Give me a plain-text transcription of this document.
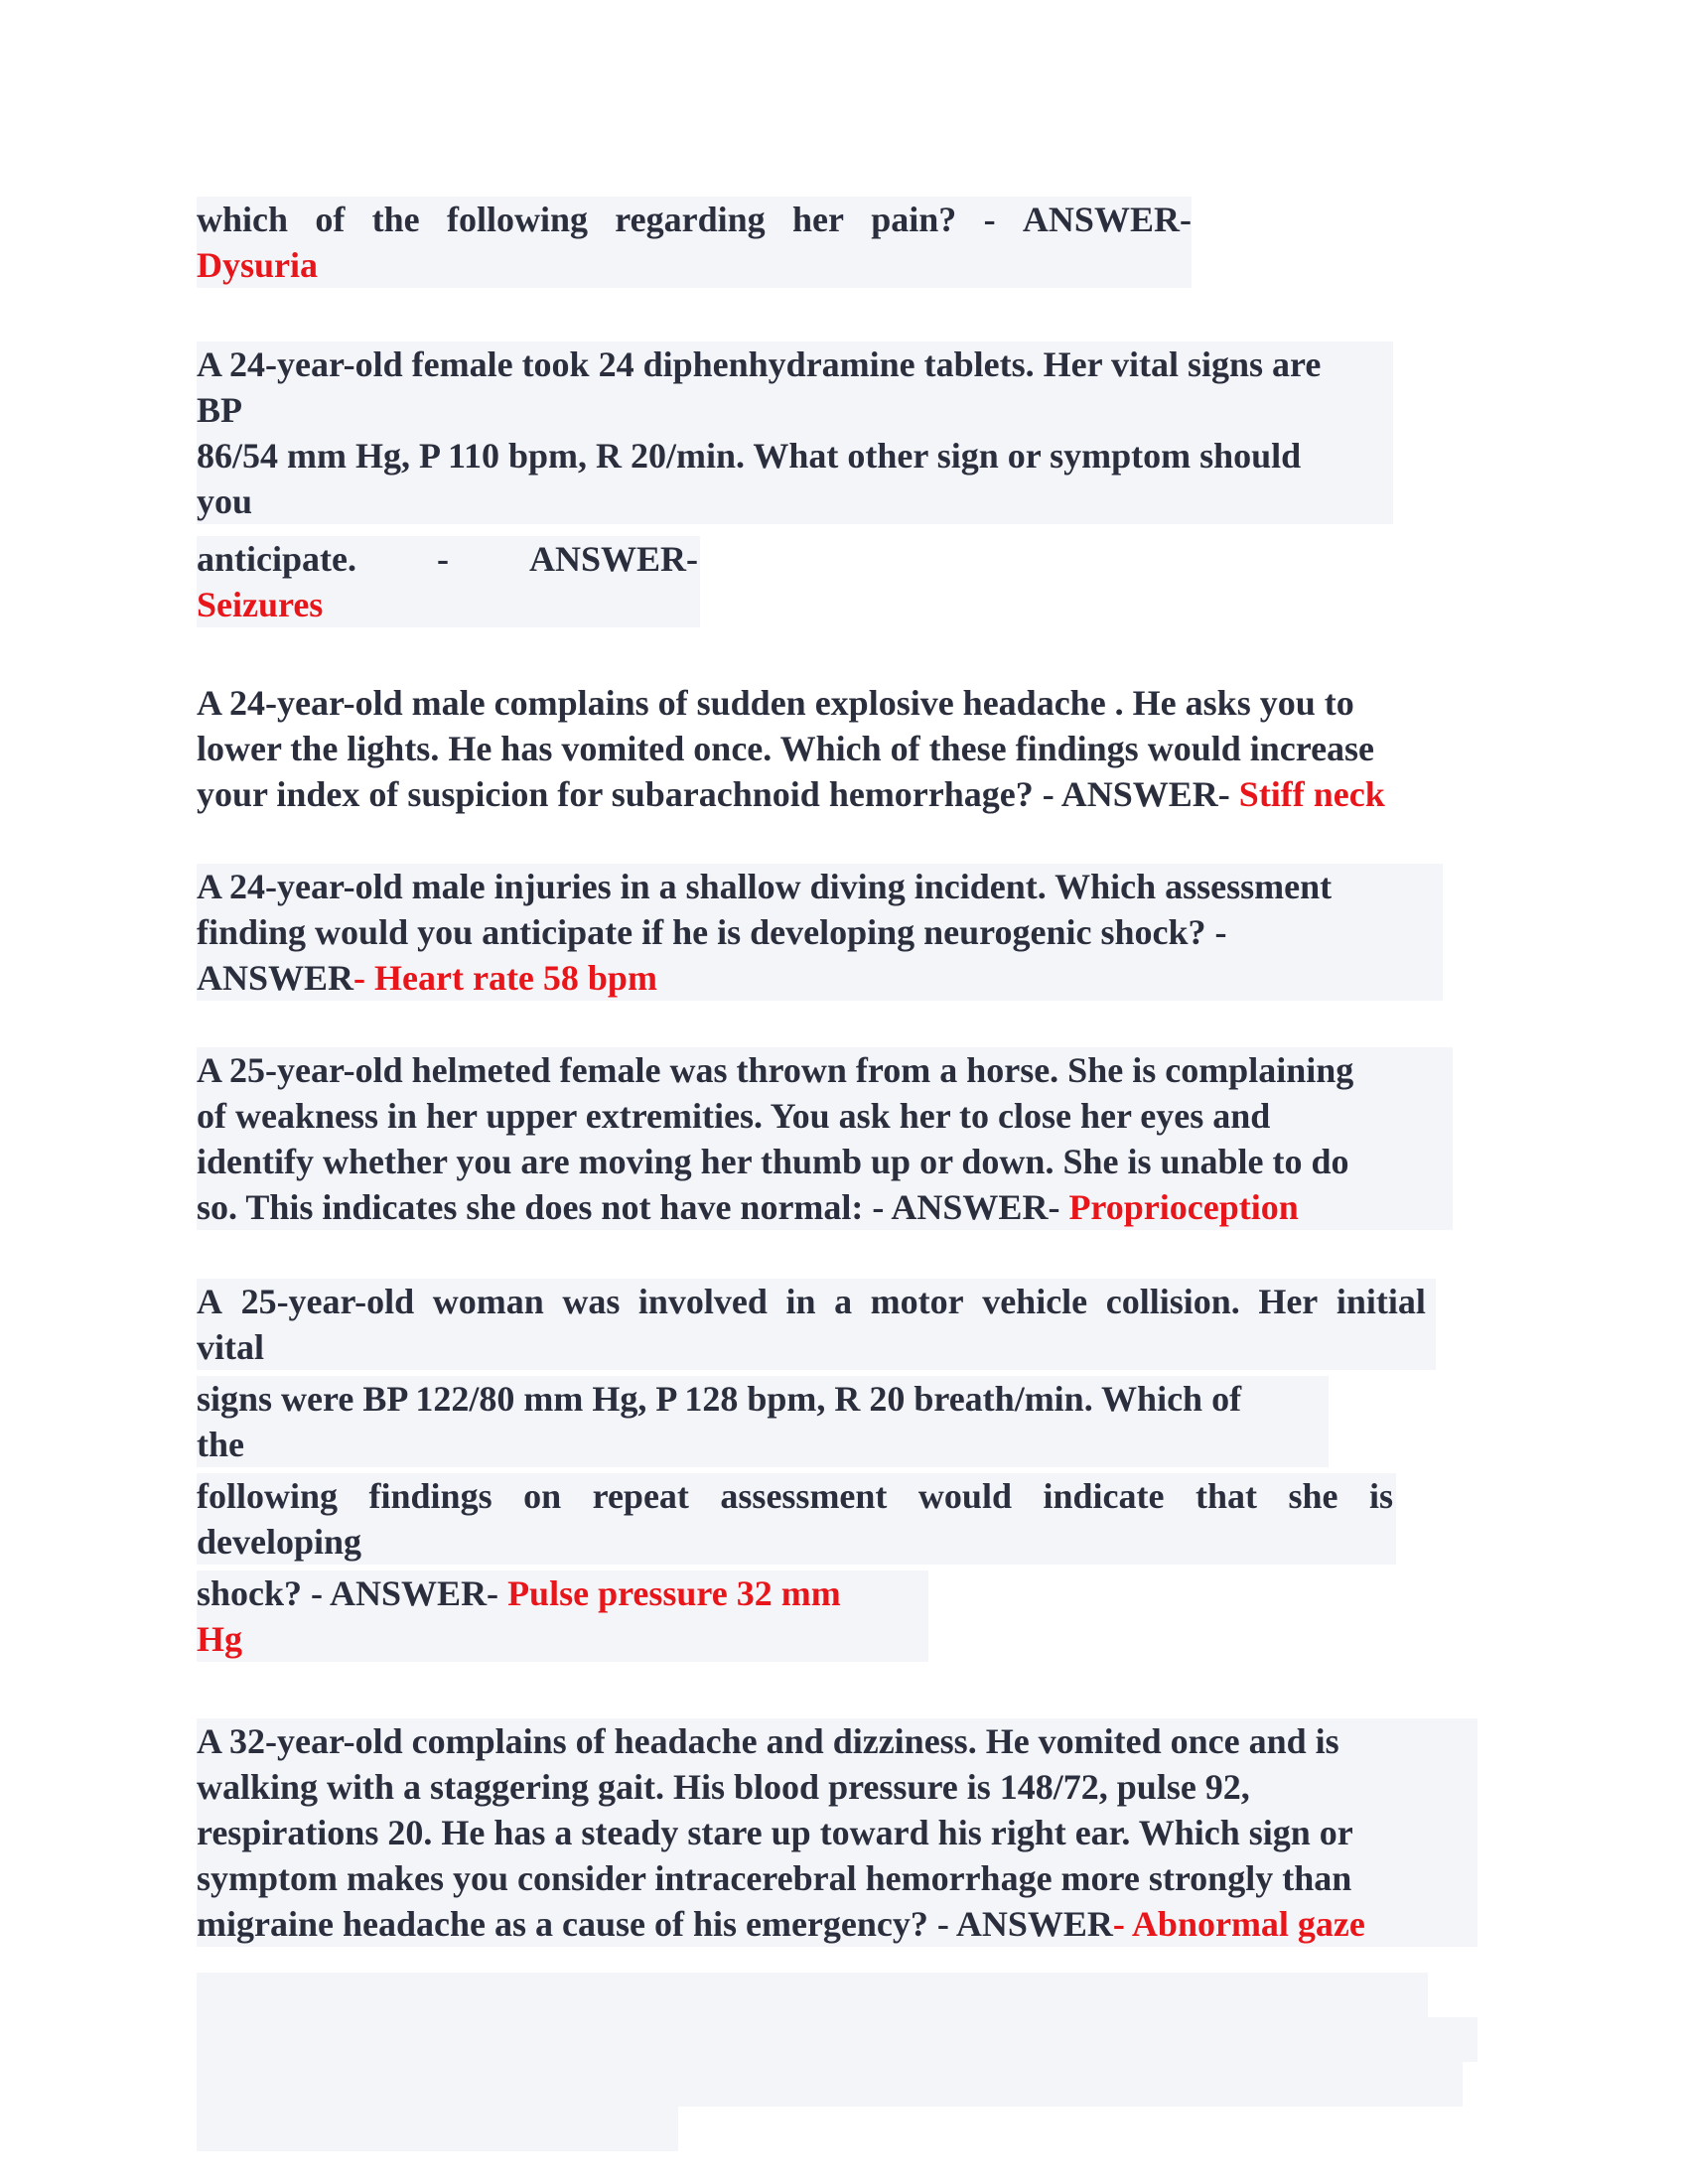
which of the following regarding her pain? - ANSWER-
Dysuria
A 24-year-old female took 24 diphenhydramine tablets. Her vital signs are
BP
86/54 mm Hg, P 110 bpm, R 20/min. What other sign or symptom should
you
anticipate. - ANSWER-
Seizures
A 24-year-old male complains of sudden explosive headache . He asks you to
lower the lights. He has vomited once. Which of these findings would increase
your index of suspicion for subarachnoid hemorrhage? - ANSWER- Stiff neck
A 24-year-old male injuries in a shallow diving incident. Which assessment
finding would you anticipate if he is developing neurogenic shock? -
ANSWER- Heart rate 58 bpm
A 25-year-old helmeted female was thrown from a horse. She is complaining
of weakness in her upper extremities. You ask her to close her eyes and
identify whether you are moving her thumb up or down. She is unable to do
so. This indicates she does not have normal: - ANSWER- Proprioception
A 25-year-old woman was involved in a motor vehicle collision. Her initial
vital
signs were BP 122/80 mm Hg, P 128 bpm, R 20 breath/min. Which of
the
following findings on repeat assessment would indicate that she is
developing
shock? - ANSWER- Pulse pressure 32 mm
Hg
A 32-year-old complains of headache and dizziness. He vomited once and is
walking with a staggering gait. His blood pressure is 148/72, pulse 92,
respirations 20. He has a steady stare up toward his right ear. Which sign or
symptom makes you consider intracerebral hemorrhage more strongly than
migraine headache as a cause of his emergency? - ANSWER- Abnormal gaze
